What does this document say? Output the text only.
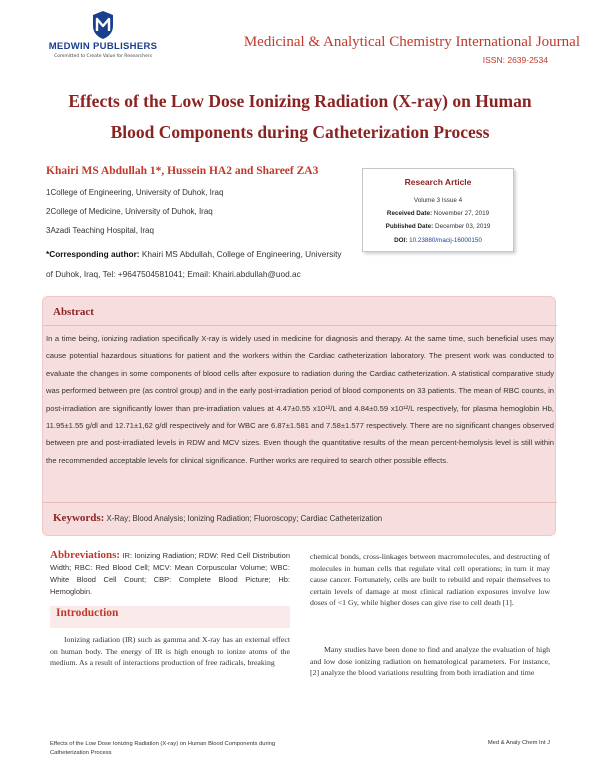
MEDWIN PUBLISHERS
Committed to Create Value for Researchers
Medicinal & Analytical Chemistry International Journal
ISSN: 2639-2534
Effects of the Low Dose Ionizing Radiation (X-ray) on Human
Blood Components during Catheterization Process
Khairi MS Abdullah 1*, Hussein HA2 and Shareef ZA3
1College of Engineering, University of Duhok, Iraq
2College of Medicine, University of Duhok, Iraq
3Azadi Teaching Hospital, Iraq
*Corresponding author: Khairi MS Abdullah, College of Engineering, University of Duhok, Iraq, Tel: +9647504581041; Email: Khairi.abdullah@uod.ac
Research Article
Volume 3 Issue 4
Received Date: November 27, 2019
Published Date: December 03, 2019
DOI: 10.23880/macij-16000150
Abstract
In a time being, ionizing radiation specifically X-ray is widely used in medicine for diagnosis and therapy. At the same time, such beneficial uses may cause potential hazardous situations for patient and the workers within the Cardiac catheterization laboratory. The present work was conducted to evaluate the changes in some components of blood cells after exposure to radiation during the Cardiac catheterization. A statistical comparative study was performed between pre (as control group) and in the early post-irradiation period of blood components on 33 patients. The mean of RBC counts, in post-irradiation are significantly lower than pre-irradiation values at 4.47±0.55 x10¹²/L and 4.84±0.59 x10¹²/L respectively, for plasma hemoglobin Hb, 11.95±1.55 g/dl and 12.71±1,62 g/dl respectively and for WBC are 6.87±1.581 and 7.58±1.577 respectively. There are no significant changes observed between pre and post-irradiated levels in RDW and MCV sizes. Even though the quantitative results of the mean percent-hemolysis level is still within the recommended acceptable levels for clinical significance. Further works are required to search other possible effects.
Keywords: X-Ray; Blood Analysis; Ionizing Radiation; Fluoroscopy; Cardiac Catheterization
Abbreviations: IR: Ionizing Radiation; RDW: Red Cell Distribution Width; RBC: Red Blood Cell; MCV: Mean Corpuscular Volume; WBC: White Blood Cell Count; CBP: Complete Blood Picture; Hb: Hemoglobin.
Introduction
Ionizing radiation (IR) such as gamma and X-ray has an external effect on human body. The energy of IR is high enough to ionize atoms of the medium. As a result of interactions production of free radicals, breaking
chemical bonds, cross-linkages between macromolecules, and destructing of molecules in human cells that regulate vital cell operations; in turn it may cause cancer. Fortunately, cells are built to rebuild and repair themselves to certain levels of damage at most clinical radiation exposures involve low doses of <1 Gy, while higher doses can give rise to cell death [1].
Many studies have been done to find and analyze the evaluation of high and low dose ionizing radiation on hematological parameters. For instance, [2] analyze the blood variations resulting from both irradiation and time
Effects of the Low Dose Ionizing Radiation (X-ray) on Human Blood Components during Catheterization Process
Med & Analy Chem Int J
